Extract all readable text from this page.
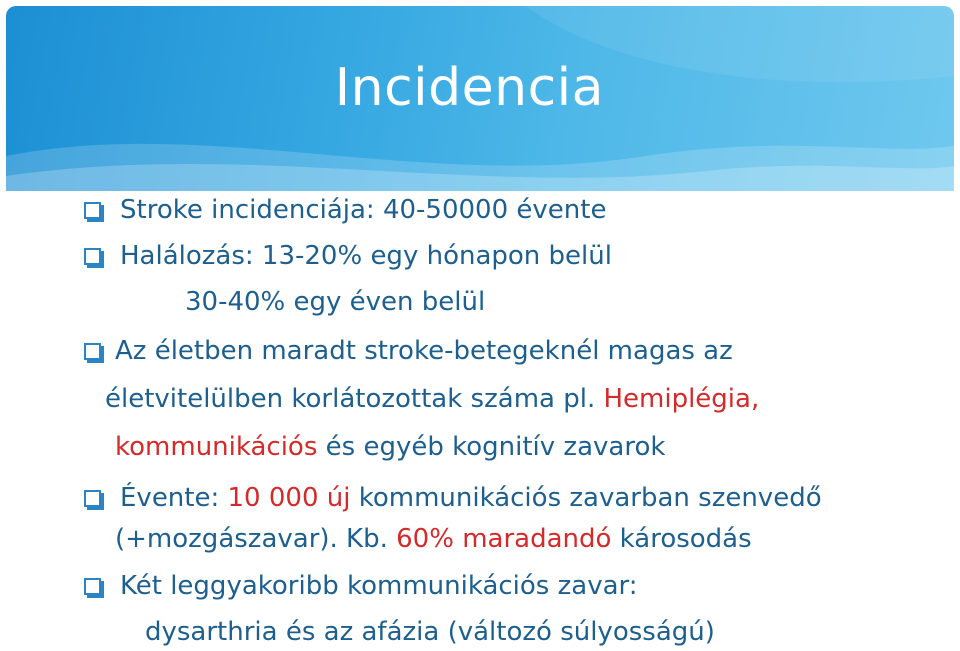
Incidencia
Stroke incidenciája: 40-50000 évente
Halálozás: 13-20% egy hónapon belül
30-40% egy éven belül
Az életben maradt stroke-betegeknél magas az
életvitelülben korlátozottak száma pl. Hemiplégia,
kommunikációs és egyéb kognitív zavarok
Évente: 10 000 új kommunikációs zavarban szenvedő
(+mozgászavar). Kb. 60% maradandó károsodás
Két leggyakoribb kommunikációs zavar:
dysarthria és az afázia (változó súlyosságú)
